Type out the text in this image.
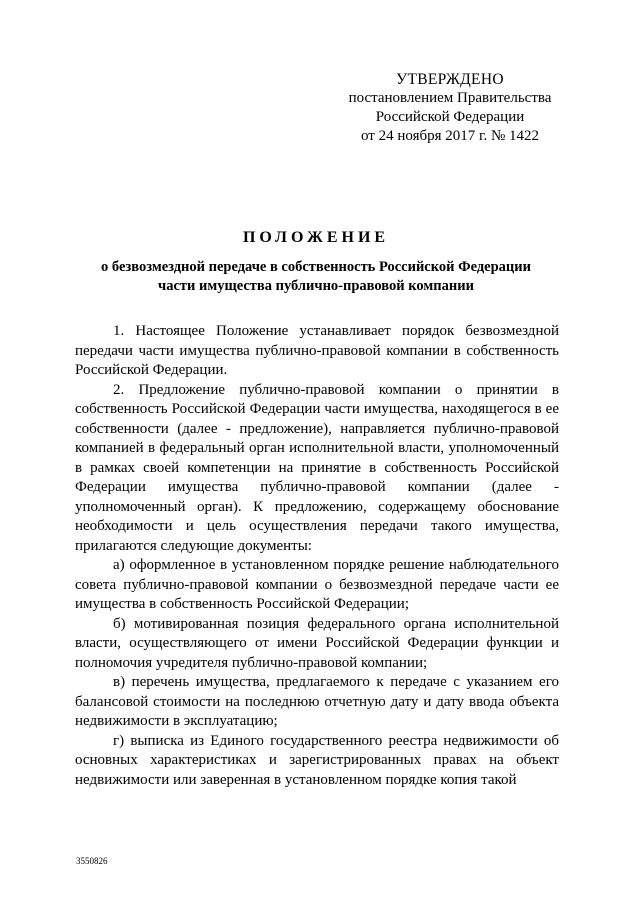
УТВЕРЖДЕНО
постановлением Правительства
Российской Федерации
от 24 ноября 2017 г. № 1422
ПОЛОЖЕНИЕ
о безвозмездной передаче в собственность Российской Федерации
части имущества публично-правовой компании

1. Настоящее Положение устанавливает порядок безвозмездной передачи части имущества публично-правовой компании в собственность Российской Федерации.

2. Предложение публично-правовой компании о принятии в собственность Российской Федерации части имущества, находящегося в ее собственности (далее - предложение), направляется публично-правовой компанией в федеральный орган исполнительной власти, уполномоченный в рамках своей компетенции на принятие в собственность Российской Федерации имущества публично-правовой компании (далее - уполномоченный орган). К предложению, содержащему обоснование необходимости и цель осуществления передачи такого имущества, прилагаются следующие документы:

а) оформленное в установленном порядке решение наблюдательного совета публично-правовой компании о безвозмездной передаче части ее имущества в собственность Российской Федерации;

б) мотивированная позиция федерального органа исполнительной власти, осуществляющего от имени Российской Федерации функции и полномочия учредителя публично-правовой компании;

в) перечень имущества, предлагаемого к передаче с указанием его балансовой стоимости на последнюю отчетную дату и дату ввода объекта недвижимости в эксплуатацию;

г) выписка из Единого государственного реестра недвижимости об основных характеристиках и зарегистрированных правах на объект недвижимости или заверенная в установленном порядке копия такой

3550826
